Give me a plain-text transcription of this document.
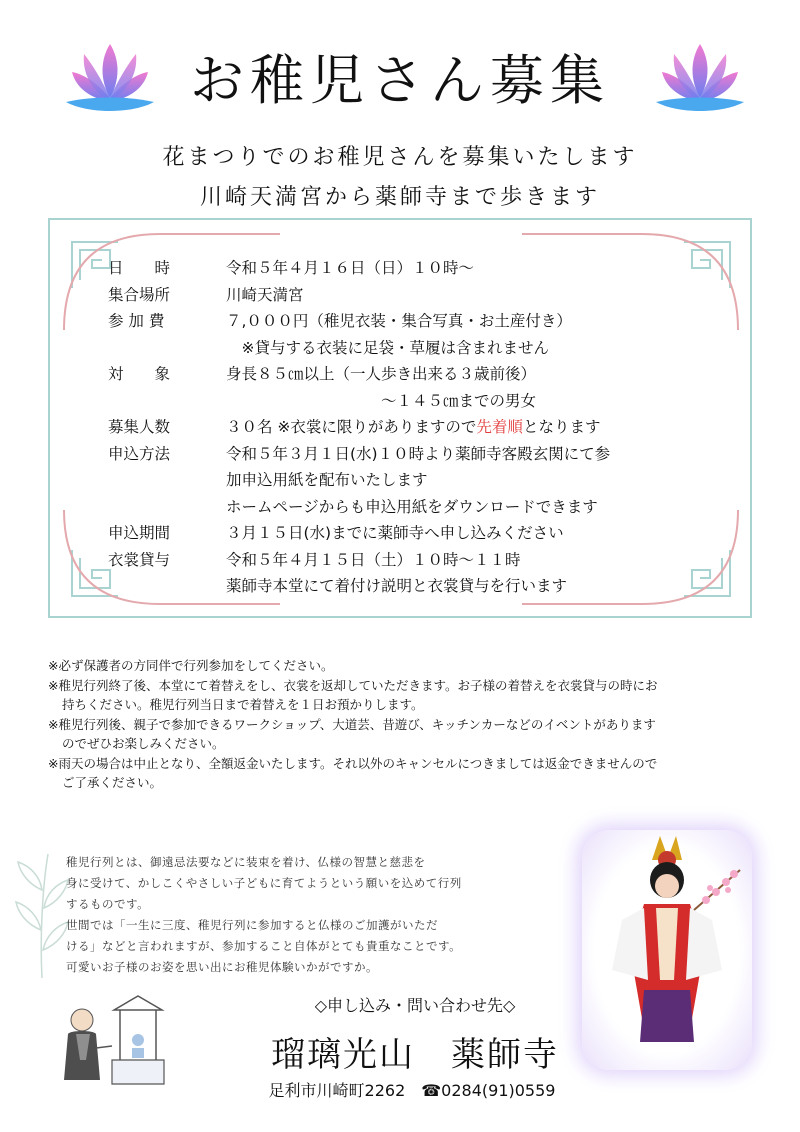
お稚児さん募集
花まつりでのお稚児さんを募集いたします
川崎天満宮から薬師寺まで歩きます
日　　時	令和５年４月１６日（日）１０時～
集合場所	川崎天満宮
参 加 費	７,０００円（稚児衣装・集合写真・お土産付き）
　※貸与する衣装に足袋・草履は含まれません
対　　象	身長８５㎝以上（一人歩き出来る３歳前後）
　　　　　　　　　　～１４５㎝までの男女
募集人数	３０名 ※衣裳に限りがありますので先着順となります
申込方法	令和５年３月１日(水)１０時より薬師寺客殿玄関にて参
加申込用紙を配布いたします
ホームページからも申込用紙をダウンロードできます
申込期間	３月１５日(水)までに薬師寺へ申し込みください
衣裳貸与	令和５年４月１５日（土）１０時～１１時
薬師寺本堂にて着付け説明と衣裳貸与を行います
※必ず保護者の方同伴で行列参加をしてください。
※稚児行列終了後、本堂にて着替えをし、衣裳を返却していただきます。お子様の着替えを衣裳貸与の時にお
持ちください。稚児行列当日まで着替えを１日お預かりします。
※稚児行列後、親子で参加できるワークショップ、大道芸、昔遊び、キッチンカーなどのイベントがあります
のでぜひお楽しみください。
※雨天の場合は中止となり、全額返金いたします。それ以外のキャンセルにつきましては返金できませんので
ご了承ください。
稚児行列とは、御遠忌法要などに装束を着け、仏様の智慧と慈悲を
身に受けて、かしこくやさしい子どもに育てようという願いを込めて行列
するものです。
世間では「一生に三度、稚児行列に参加すると仏様のご加護がいただ
ける」などと言われますが、参加すること自体がとても貴重なことです。
可愛いお子様のお姿を思い出にお稚児体験いかがですか。
◇申し込み・問い合わせ先◇
瑠璃光山　薬師寺
足利市川崎町2262　☎0284(91)0559
